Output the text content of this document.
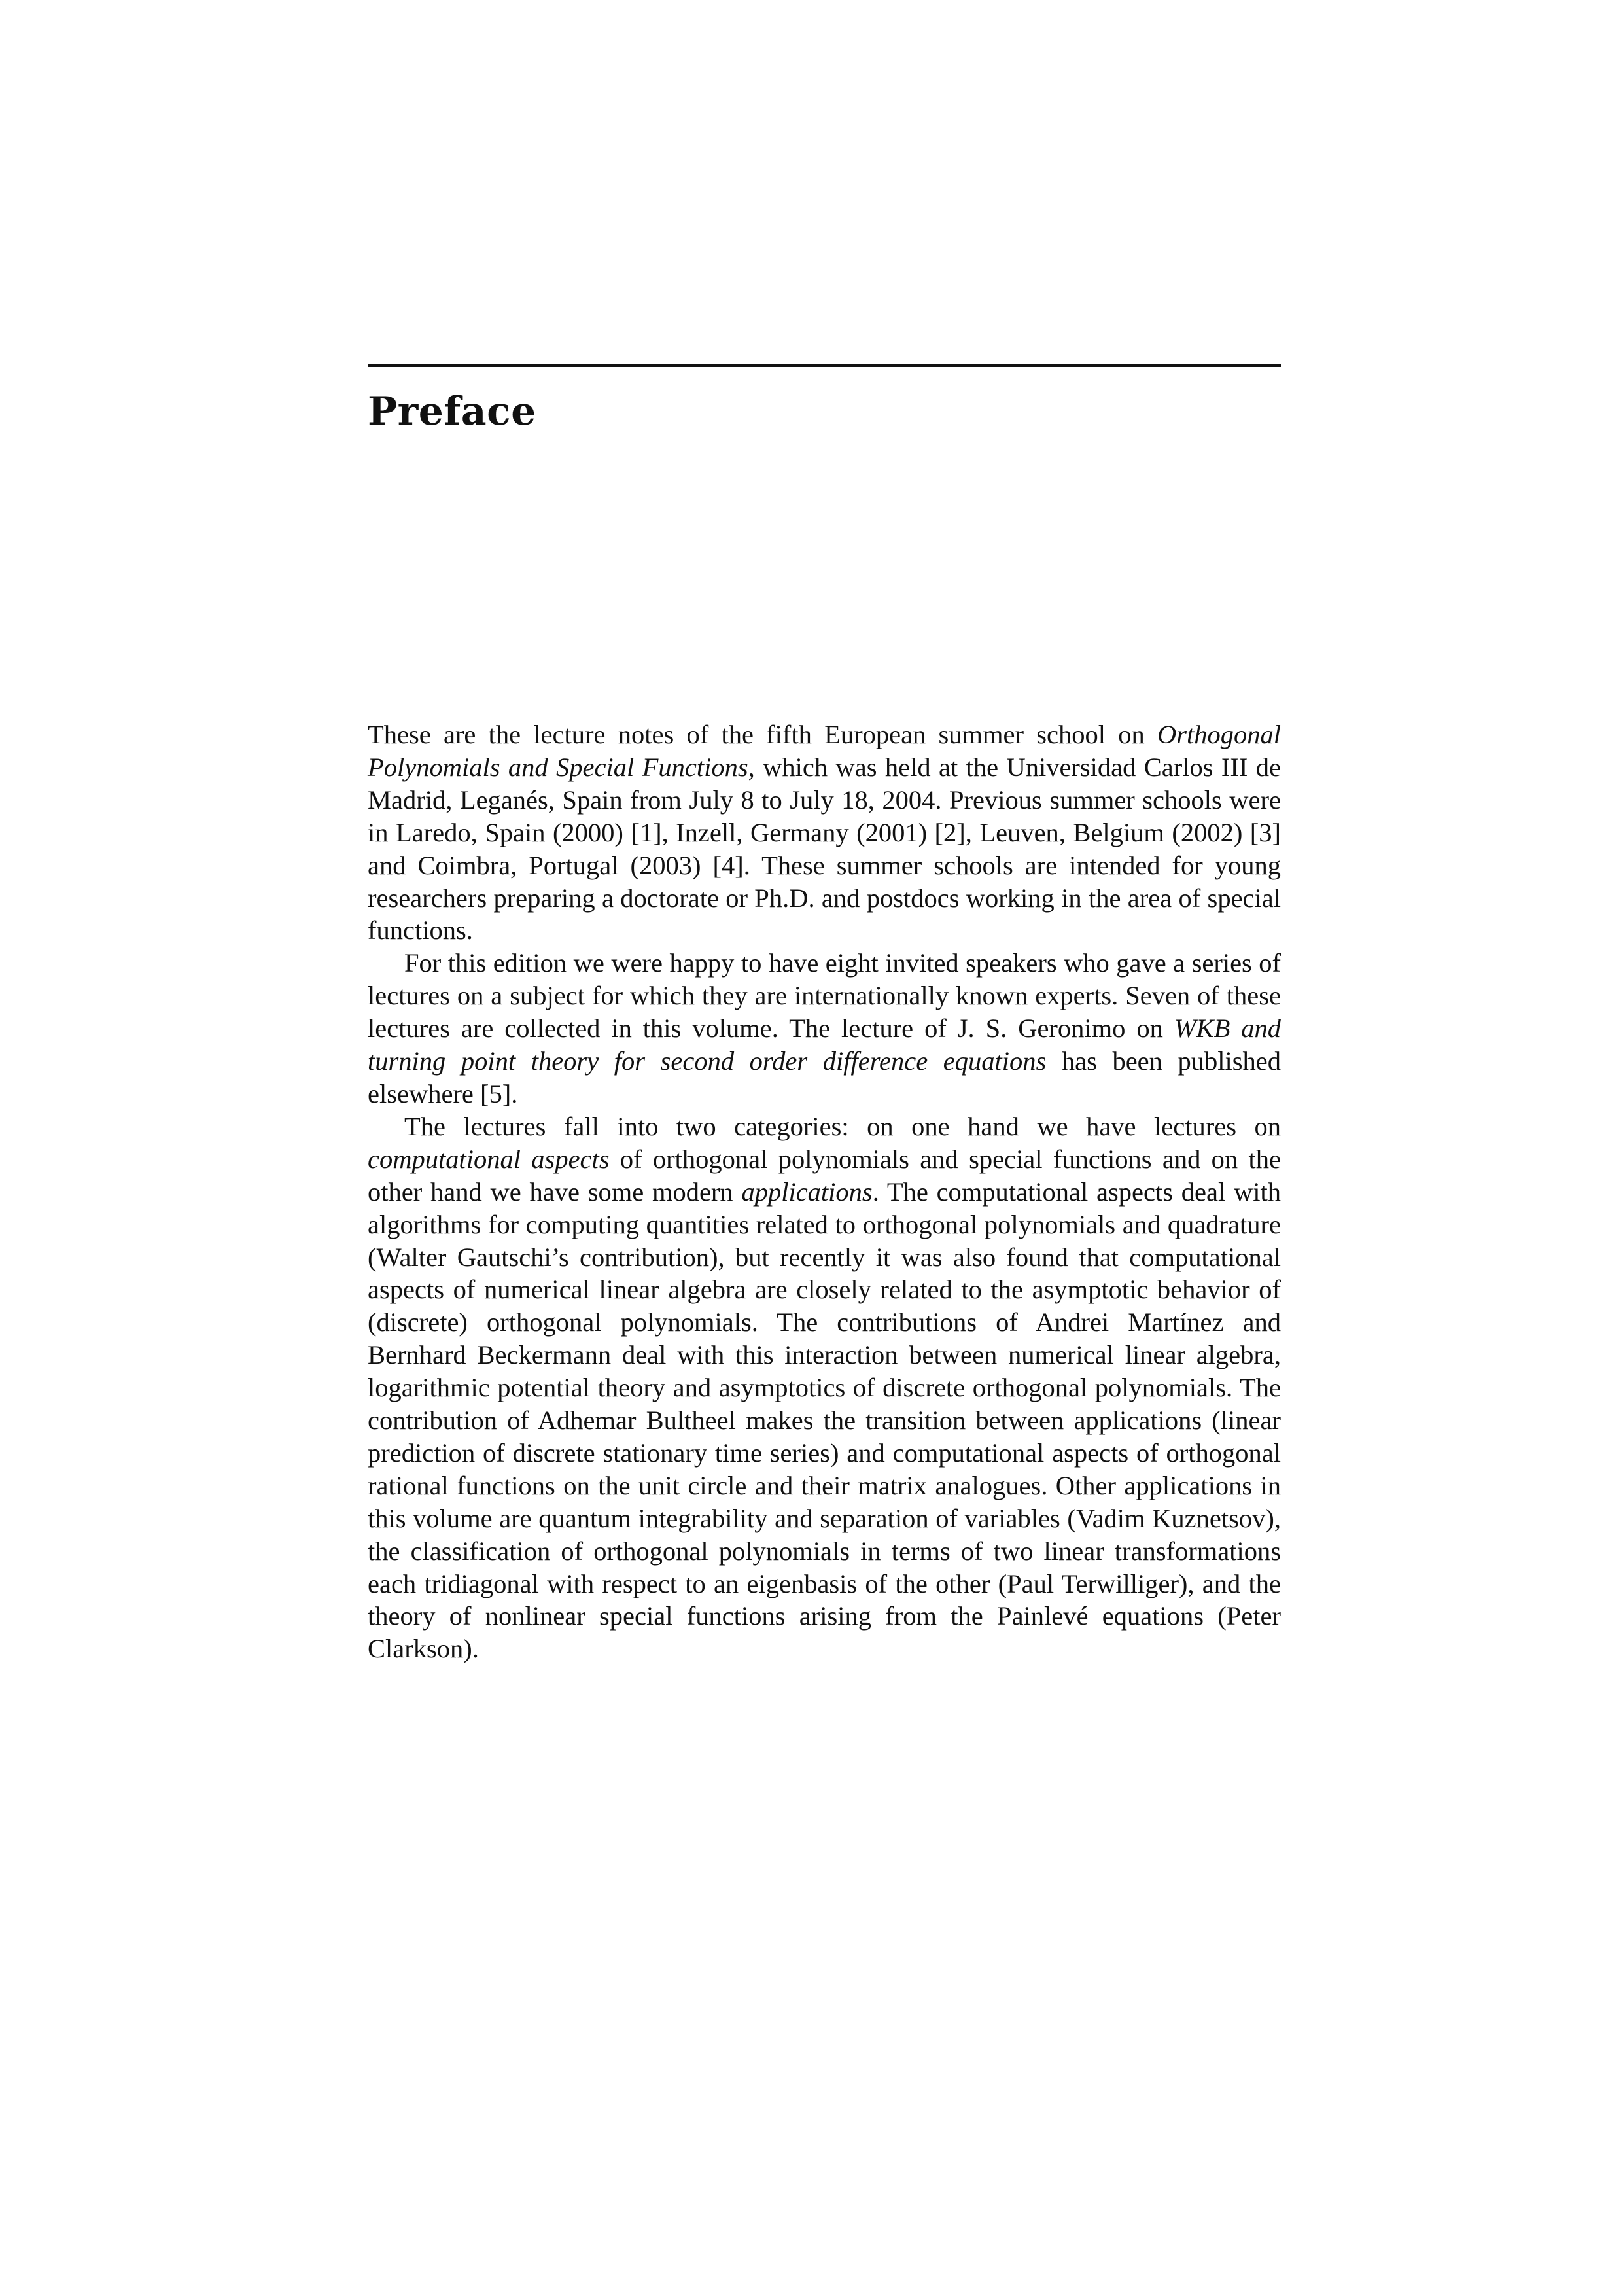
Preface

These are the lecture notes of the fifth European summer school on Orthogonal Polynomials and Special Functions, which was held at the Universidad Carlos III de Madrid, Leganés, Spain from July 8 to July 18, 2004. Previous summer schools were in Laredo, Spain (2000) [1], Inzell, Germany (2001) [2], Leuven, Belgium (2002) [3] and Coimbra, Portugal (2003) [4]. These summer schools are intended for young researchers preparing a doctorate or Ph.D. and postdocs working in the area of special functions.

For this edition we were happy to have eight invited speakers who gave a series of lectures on a subject for which they are internationally known experts. Seven of these lectures are collected in this volume. The lecture of J. S. Geronimo on WKB and turning point theory for second order difference equations has been published elsewhere [5].

The lectures fall into two categories: on one hand we have lectures on computational aspects of orthogonal polynomials and special functions and on the other hand we have some modern applications. The computational aspects deal with algorithms for computing quantities related to orthogonal polynomials and quadrature (Walter Gautschi’s contribution), but recently it was also found that computational aspects of numerical linear algebra are closely related to the asymptotic behavior of (discrete) orthogonal polynomials. The contributions of Andrei Martínez and Bernhard Beckermann deal with this interaction between numerical linear algebra, logarithmic potential theory and asymptotics of discrete orthogonal polynomials. The contribution of Adhemar Bultheel makes the transition between applications (linear prediction of discrete stationary time series) and computational aspects of orthogonal rational functions on the unit circle and their matrix analogues. Other applications in this volume are quantum integrability and separation of variables (Vadim Kuznetsov), the classification of orthogonal polynomials in terms of two linear transformations each tridiagonal with respect to an eigenbasis of the other (Paul Terwilliger), and the theory of nonlinear special functions arising from the Painlevé equations (Peter Clarkson).
